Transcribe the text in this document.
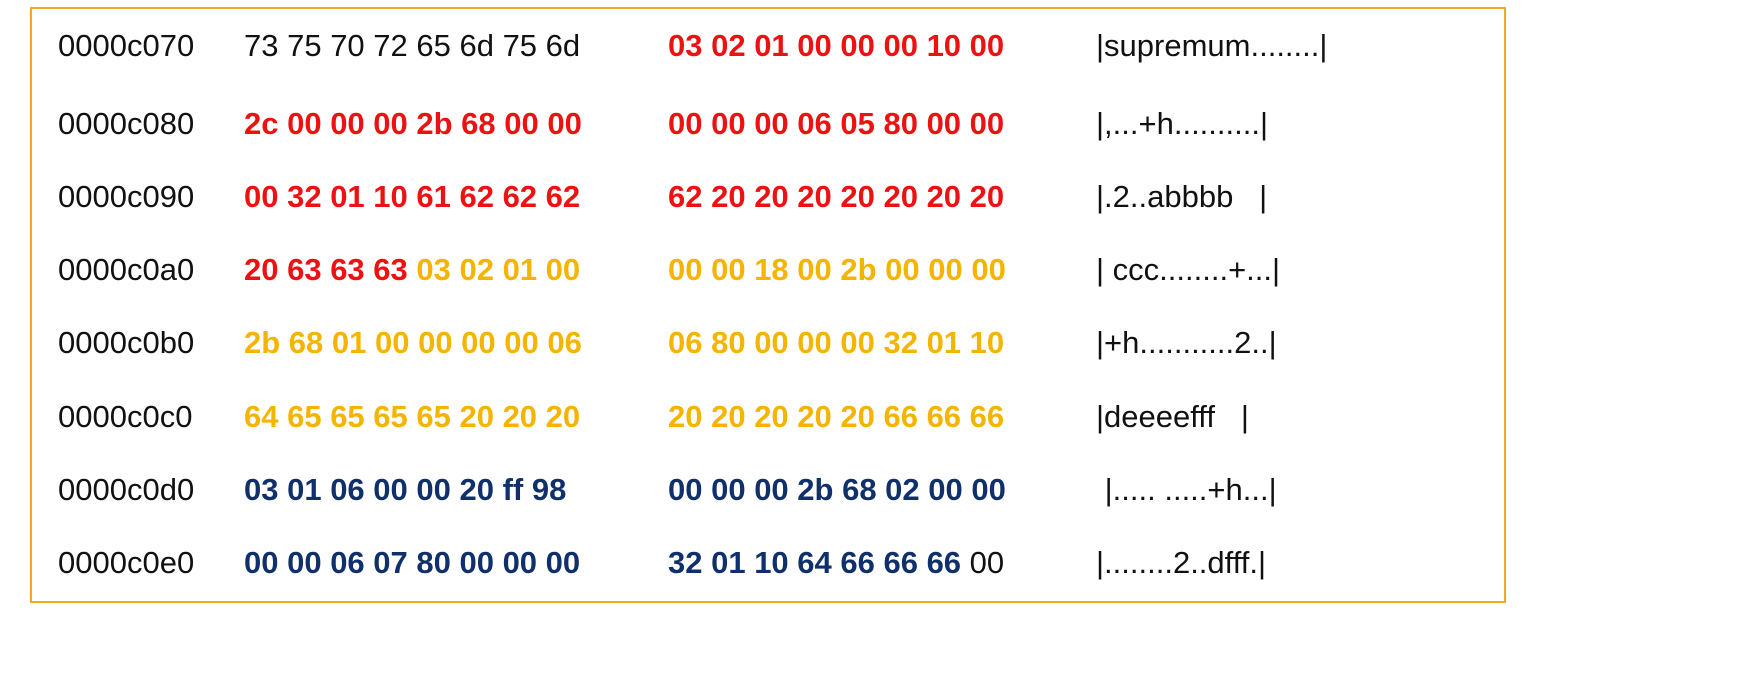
0000c070 73 75 70 72 65 6d 75 6d	03 02 01 00 00 00 10 00	|supremum........|
0000c080 2c 00 00 00 2b 68 00 00	00 00 00 06 05 80 00 00	|,...+h..........|
0000c090 00 32 01 10 61 62 62 62	62 20 20 20 20 20 20 20	|.2..abbbb   |
0000c0a0 20 63 63 63 03 02 01 00	00 00 18 00 2b 00 00 00	| ccc........+...|
0000c0b0 2b 68 01 00 00 00 00 06	06 80 00 00 00 32 01 10	|+h...........2..|
0000c0c0 64 65 65 65 65 20 20 20	20 20 20 20 20 66 66 66	|deeeefff   |
0000c0d0 03 01 06 00 00 20 ff 98	00 00 00 2b 68 02 00 00	|..... .....+h...|
0000c0e0 00 00 06 07 80 00 00 00	32 01 10 64 66 66 66 00	|........2..dfff.|
